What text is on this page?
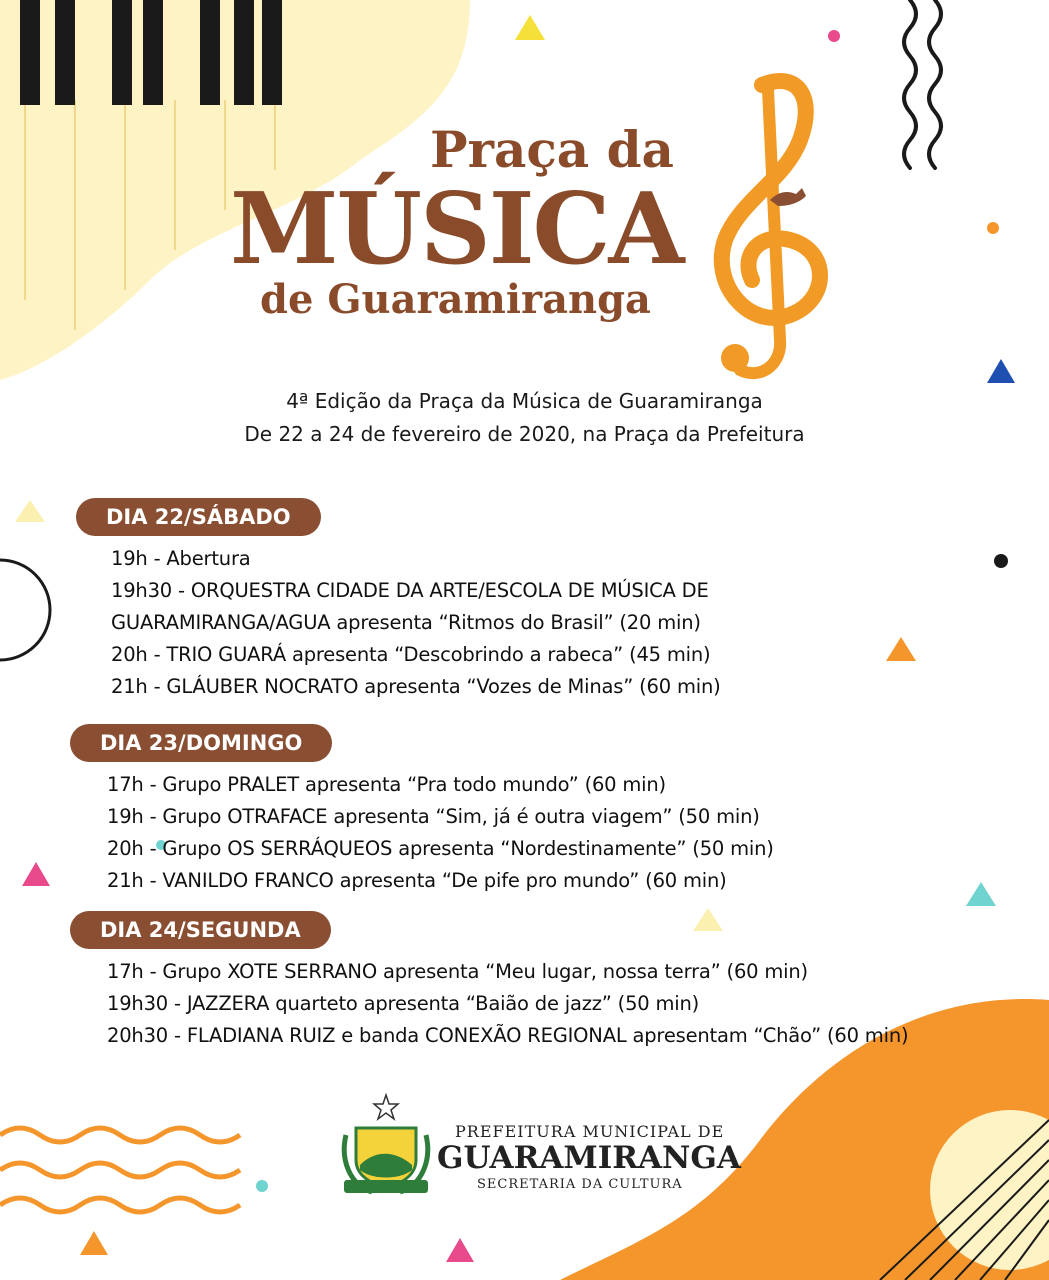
Praça da
MÚSICA
de Guaramiranga
4ª Edição da Praça da Música de Guaramiranga
De 22 a 24 de fevereiro de 2020, na Praça da Prefeitura
DIA 22/SÁBADO
19h - Abertura
19h30 - ORQUESTRA CIDADE DA ARTE/ESCOLA DE MÚSICA DE
GUARAMIRANGA/AGUA apresenta “Ritmos do Brasil” (20 min)
20h - TRIO GUARÁ apresenta “Descobrindo a rabeca” (45 min)
21h - GLÁUBER NOCRATO apresenta “Vozes de Minas” (60 min)
DIA 23/DOMINGO
17h - Grupo PRALET apresenta “Pra todo mundo” (60 min)
19h - Grupo OTRAFACE apresenta “Sim, já é outra viagem” (50 min)
20h - Grupo OS SERRÁQUEOS apresenta “Nordestinamente” (50 min)
21h - VANILDO FRANCO apresenta “De pife pro mundo” (60 min)
DIA 24/SEGUNDA
17h - Grupo XOTE SERRANO apresenta “Meu lugar, nossa terra” (60 min)
19h30 - JAZZERA quarteto apresenta “Baião de jazz” (50 min)
20h30 - FLADIANA RUIZ e banda CONEXÃO REGIONAL apresentam “Chão” (60 min)
PREFEITURA MUNICIPAL DE
GUARAMIRANGA
SECRETARIA DA CULTURA
